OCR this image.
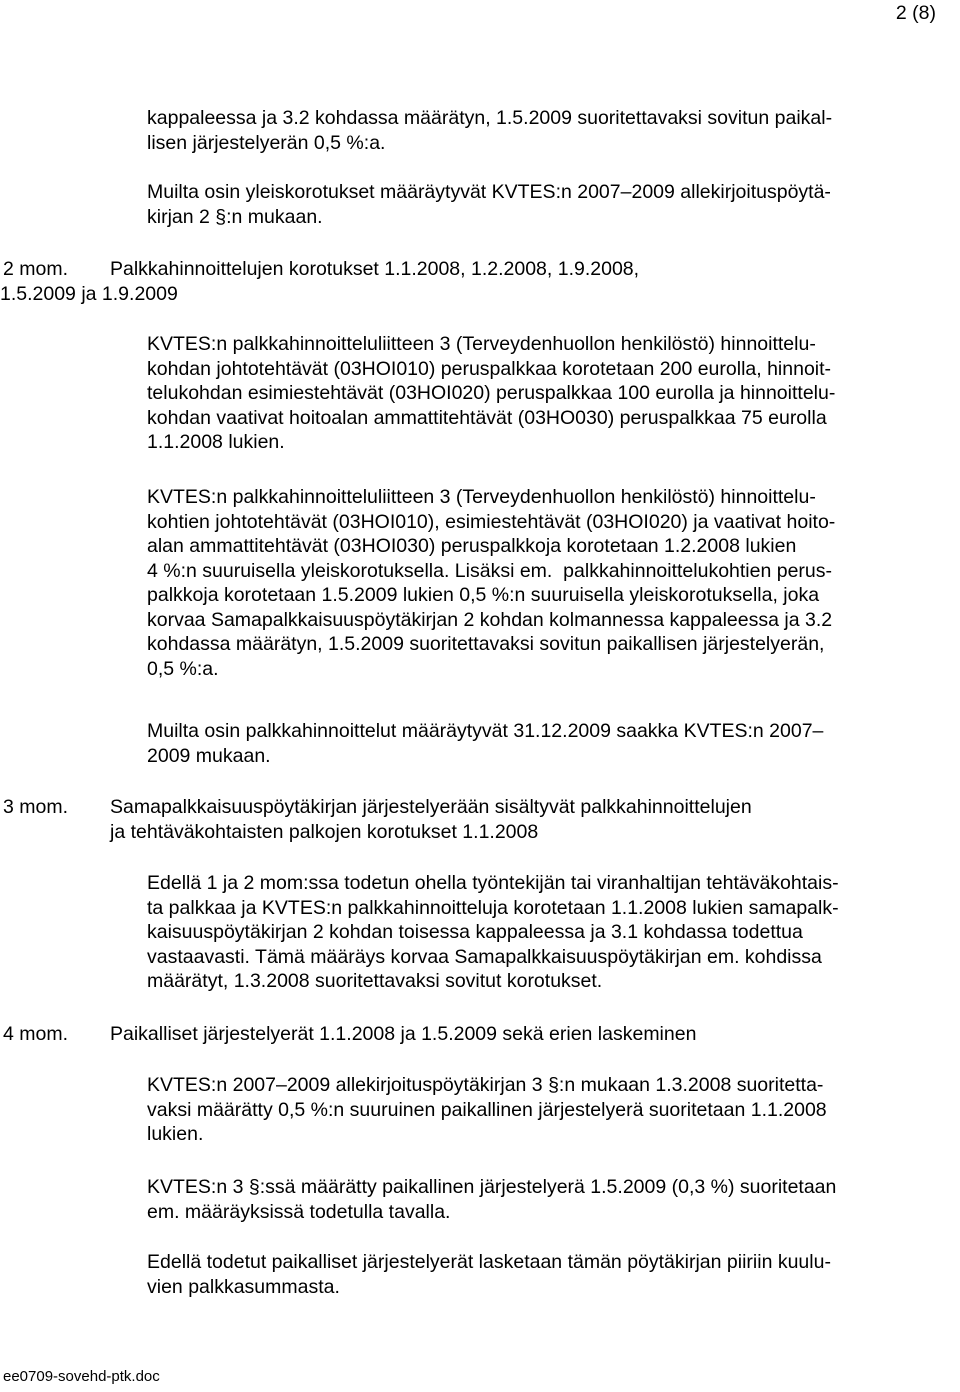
2 (8)
kappaleessa ja 3.2 kohdassa määrätyn, 1.5.2009 suoritettavaksi sovitun paikal-
lisen järjestelyerän 0,5 %:a.
Muilta osin yleiskorotukset määräytyvät KVTES:n 2007–2009 allekirjoituspöytä-
kirjan 2 §:n mukaan.
2 mom. Palkkahinnoittelujen korotukset 1.1.2008, 1.2.2008, 1.9.2008,
1.5.2009 ja 1.9.2009
KVTES:n palkkahinnoitteluliitteen 3 (Terveydenhuollon henkilöstö) hinnoittelu-
kohdan johtotehtävät (03HOI010) peruspalkkaa korotetaan 200 eurolla, hinnoit-
telukohdan esimiestehtävät (03HOI020) peruspalkkaa 100 eurolla ja hinnoittelu-
kohdan vaativat hoitoalan ammattitehtävät (03HO030) peruspalkkaa 75 eurolla
1.1.2008 lukien.
KVTES:n palkkahinnoitteluliitteen 3 (Terveydenhuollon henkilöstö) hinnoittelu-
kohtien johtotehtävät (03HOI010), esimiestehtävät (03HOI020) ja vaativat hoito-
alan ammattitehtävät (03HOI030) peruspalkkoja korotetaan 1.2.2008 lukien
4 %:n suuruisella yleiskorotuksella. Lisäksi em.  palkkahinnoittelukohtien perus-
palkkoja korotetaan 1.5.2009 lukien 0,5 %:n suuruisella yleiskorotuksella, joka
korvaa Samapalkkaisuuspöytäkirjan 2 kohdan kolmannessa kappaleessa ja 3.2
kohdassa määrätyn, 1.5.2009 suoritettavaksi sovitun paikallisen järjestelyerän,
0,5 %:a.
Muilta osin palkkahinnoittelut määräytyvät 31.12.2009 saakka KVTES:n 2007–
2009 mukaan.
3 mom. Samapalkkaisuuspöytäkirjan järjestelyerään sisältyvät palkkahinnoittelujen
ja tehtäväkohtaisten palkojen korotukset 1.1.2008
Edellä 1 ja 2 mom:ssa todetun ohella työntekijän tai viranhaltijan tehtäväkohtais-
ta palkkaa ja KVTES:n palkkahinnoitteluja korotetaan 1.1.2008 lukien samapalk-
kaisuuspöytäkirjan 2 kohdan toisessa kappaleessa ja 3.1 kohdassa todettua
vastaavasti. Tämä määräys korvaa Samapalkkaisuuspöytäkirjan em. kohdissa
määrätyt, 1.3.2008 suoritettavaksi sovitut korotukset.
4 mom. Paikalliset järjestelyerät 1.1.2008 ja 1.5.2009 sekä erien laskeminen
KVTES:n 2007–2009 allekirjoituspöytäkirjan 3 §:n mukaan 1.3.2008 suoritetta-
vaksi määrätty 0,5 %:n suuruinen paikallinen järjestelyerä suoritetaan 1.1.2008
lukien.
KVTES:n 3 §:ssä määrätty paikallinen järjestelyerä 1.5.2009 (0,3 %) suoritetaan
em. määräyksissä todetulla tavalla.
Edellä todetut paikalliset järjestelyerät lasketaan tämän pöytäkirjan piiriin kuulu-
vien palkkasummasta.
ee0709-sovehd-ptk.doc
